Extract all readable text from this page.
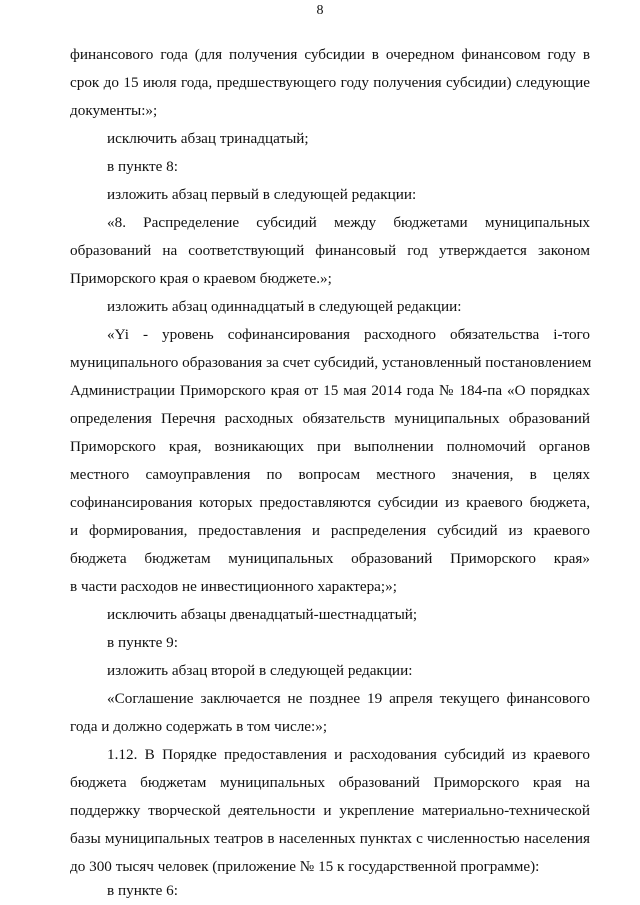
8
финансового года (для получения субсидии в очередном финансовом году в
срок до 15 июля года, предшествующего году получения субсидии) следующие
документы:»;
исключить абзац тринадцатый;
в пункте 8:
изложить абзац первый в следующей редакции:
«8. Распределение субсидий между бюджетами муниципальных
образований на соответствующий финансовый год утверждается законом
Приморского края о краевом бюджете.»;
изложить абзац одиннадцатый в следующей редакции:
«Yi - уровень софинансирования расходного обязательства i-того
муниципального образования за счет субсидий, установленный постановлением
Администрации Приморского края от 15 мая 2014 года № 184-па «О порядках
определения Перечня расходных обязательств муниципальных образований
Приморского края, возникающих при выполнении полномочий органов
местного самоуправления по вопросам местного значения, в целях
софинансирования которых предоставляются субсидии из краевого бюджета,
и формирования, предоставления и распределения субсидий из краевого
бюджета бюджетам муниципальных образований Приморского края»
в части расходов не инвестиционного характера;»;
исключить абзацы двенадцатый-шестнадцатый;
в пункте 9:
изложить абзац второй в следующей редакции:
«Соглашение заключается не позднее 19 апреля текущего финансового
года и должно содержать в том числе:»;
1.12. В Порядке предоставления и расходования субсидий из краевого
бюджета бюджетам муниципальных образований Приморского края на
поддержку творческой деятельности и укрепление материально-технической
базы муниципальных театров в населенных пунктах с численностью населения
до 300 тысяч человек (приложение № 15 к государственной программе):
в пункте 6:
